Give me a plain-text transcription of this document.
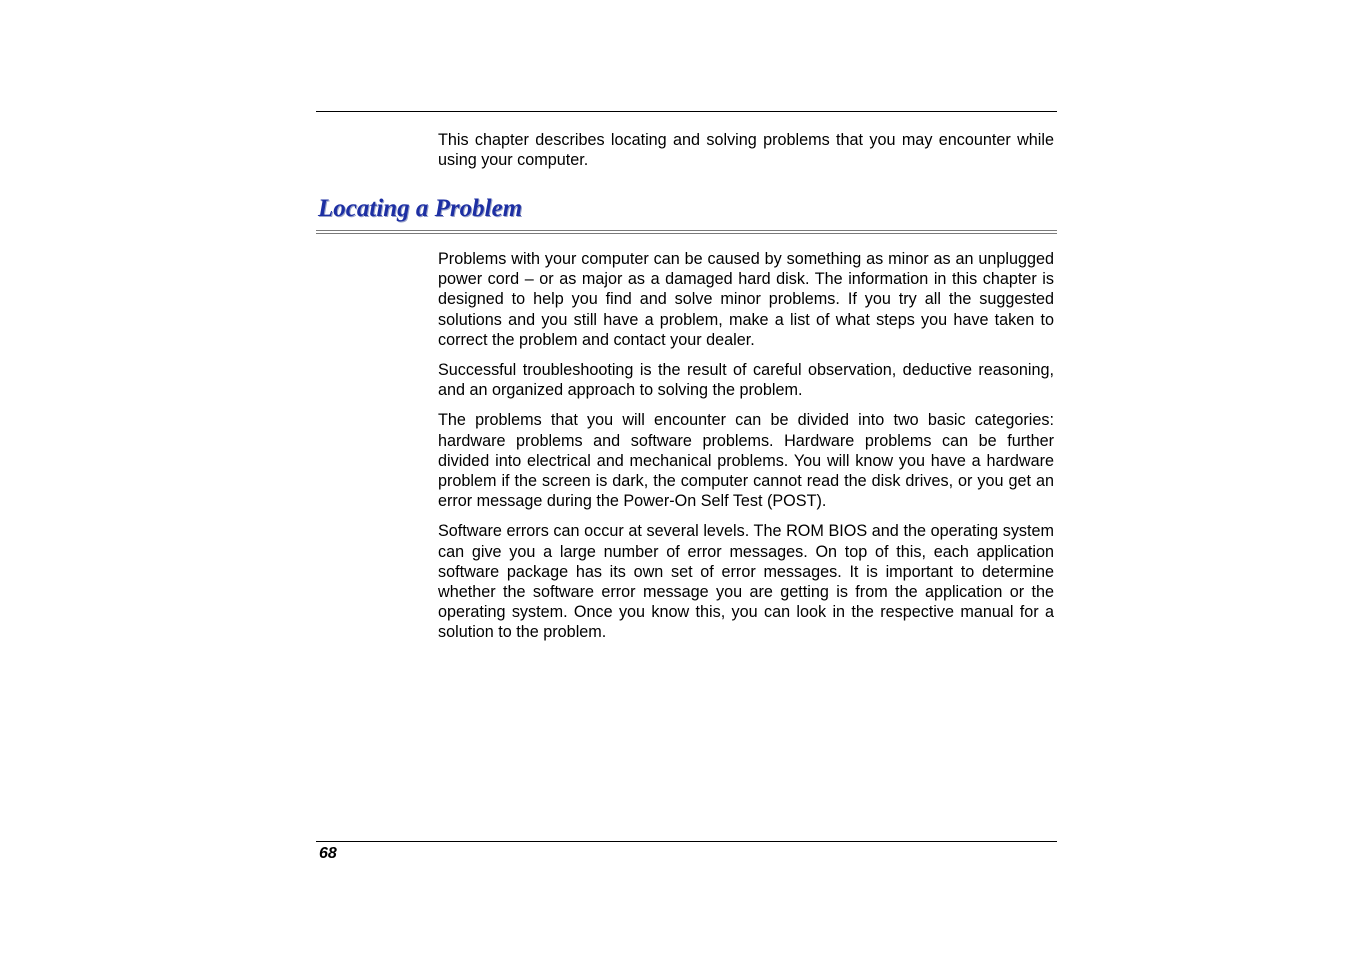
This chapter describes locating and solving problems that you may encounter while using your computer.

Locating a Problem

Problems with your computer can be caused by something as minor as an unplugged power cord – or as major as a damaged hard disk. The information in this chapter is designed to help you find and solve minor problems. If you try all the suggested solutions and you still have a problem, make a list of what steps you have taken to correct the problem and contact your dealer.

Successful troubleshooting is the result of careful observation, deductive reasoning, and an organized approach to solving the problem.

The problems that you will encounter can be divided into two basic categories: hardware problems and software problems. Hardware problems can be further divided into electrical and mechanical problems. You will know you have a hardware problem if the screen is dark, the computer cannot read the disk drives, or you get an error message during the Power-On Self Test (POST).

Software errors can occur at several levels. The ROM BIOS and the operating system can give you a large number of error messages. On top of this, each application software package has its own set of error messages. It is important to determine whether the software error message you are getting is from the application or the operating system. Once you know this, you can look in the respective manual for a solution to the problem.

68
